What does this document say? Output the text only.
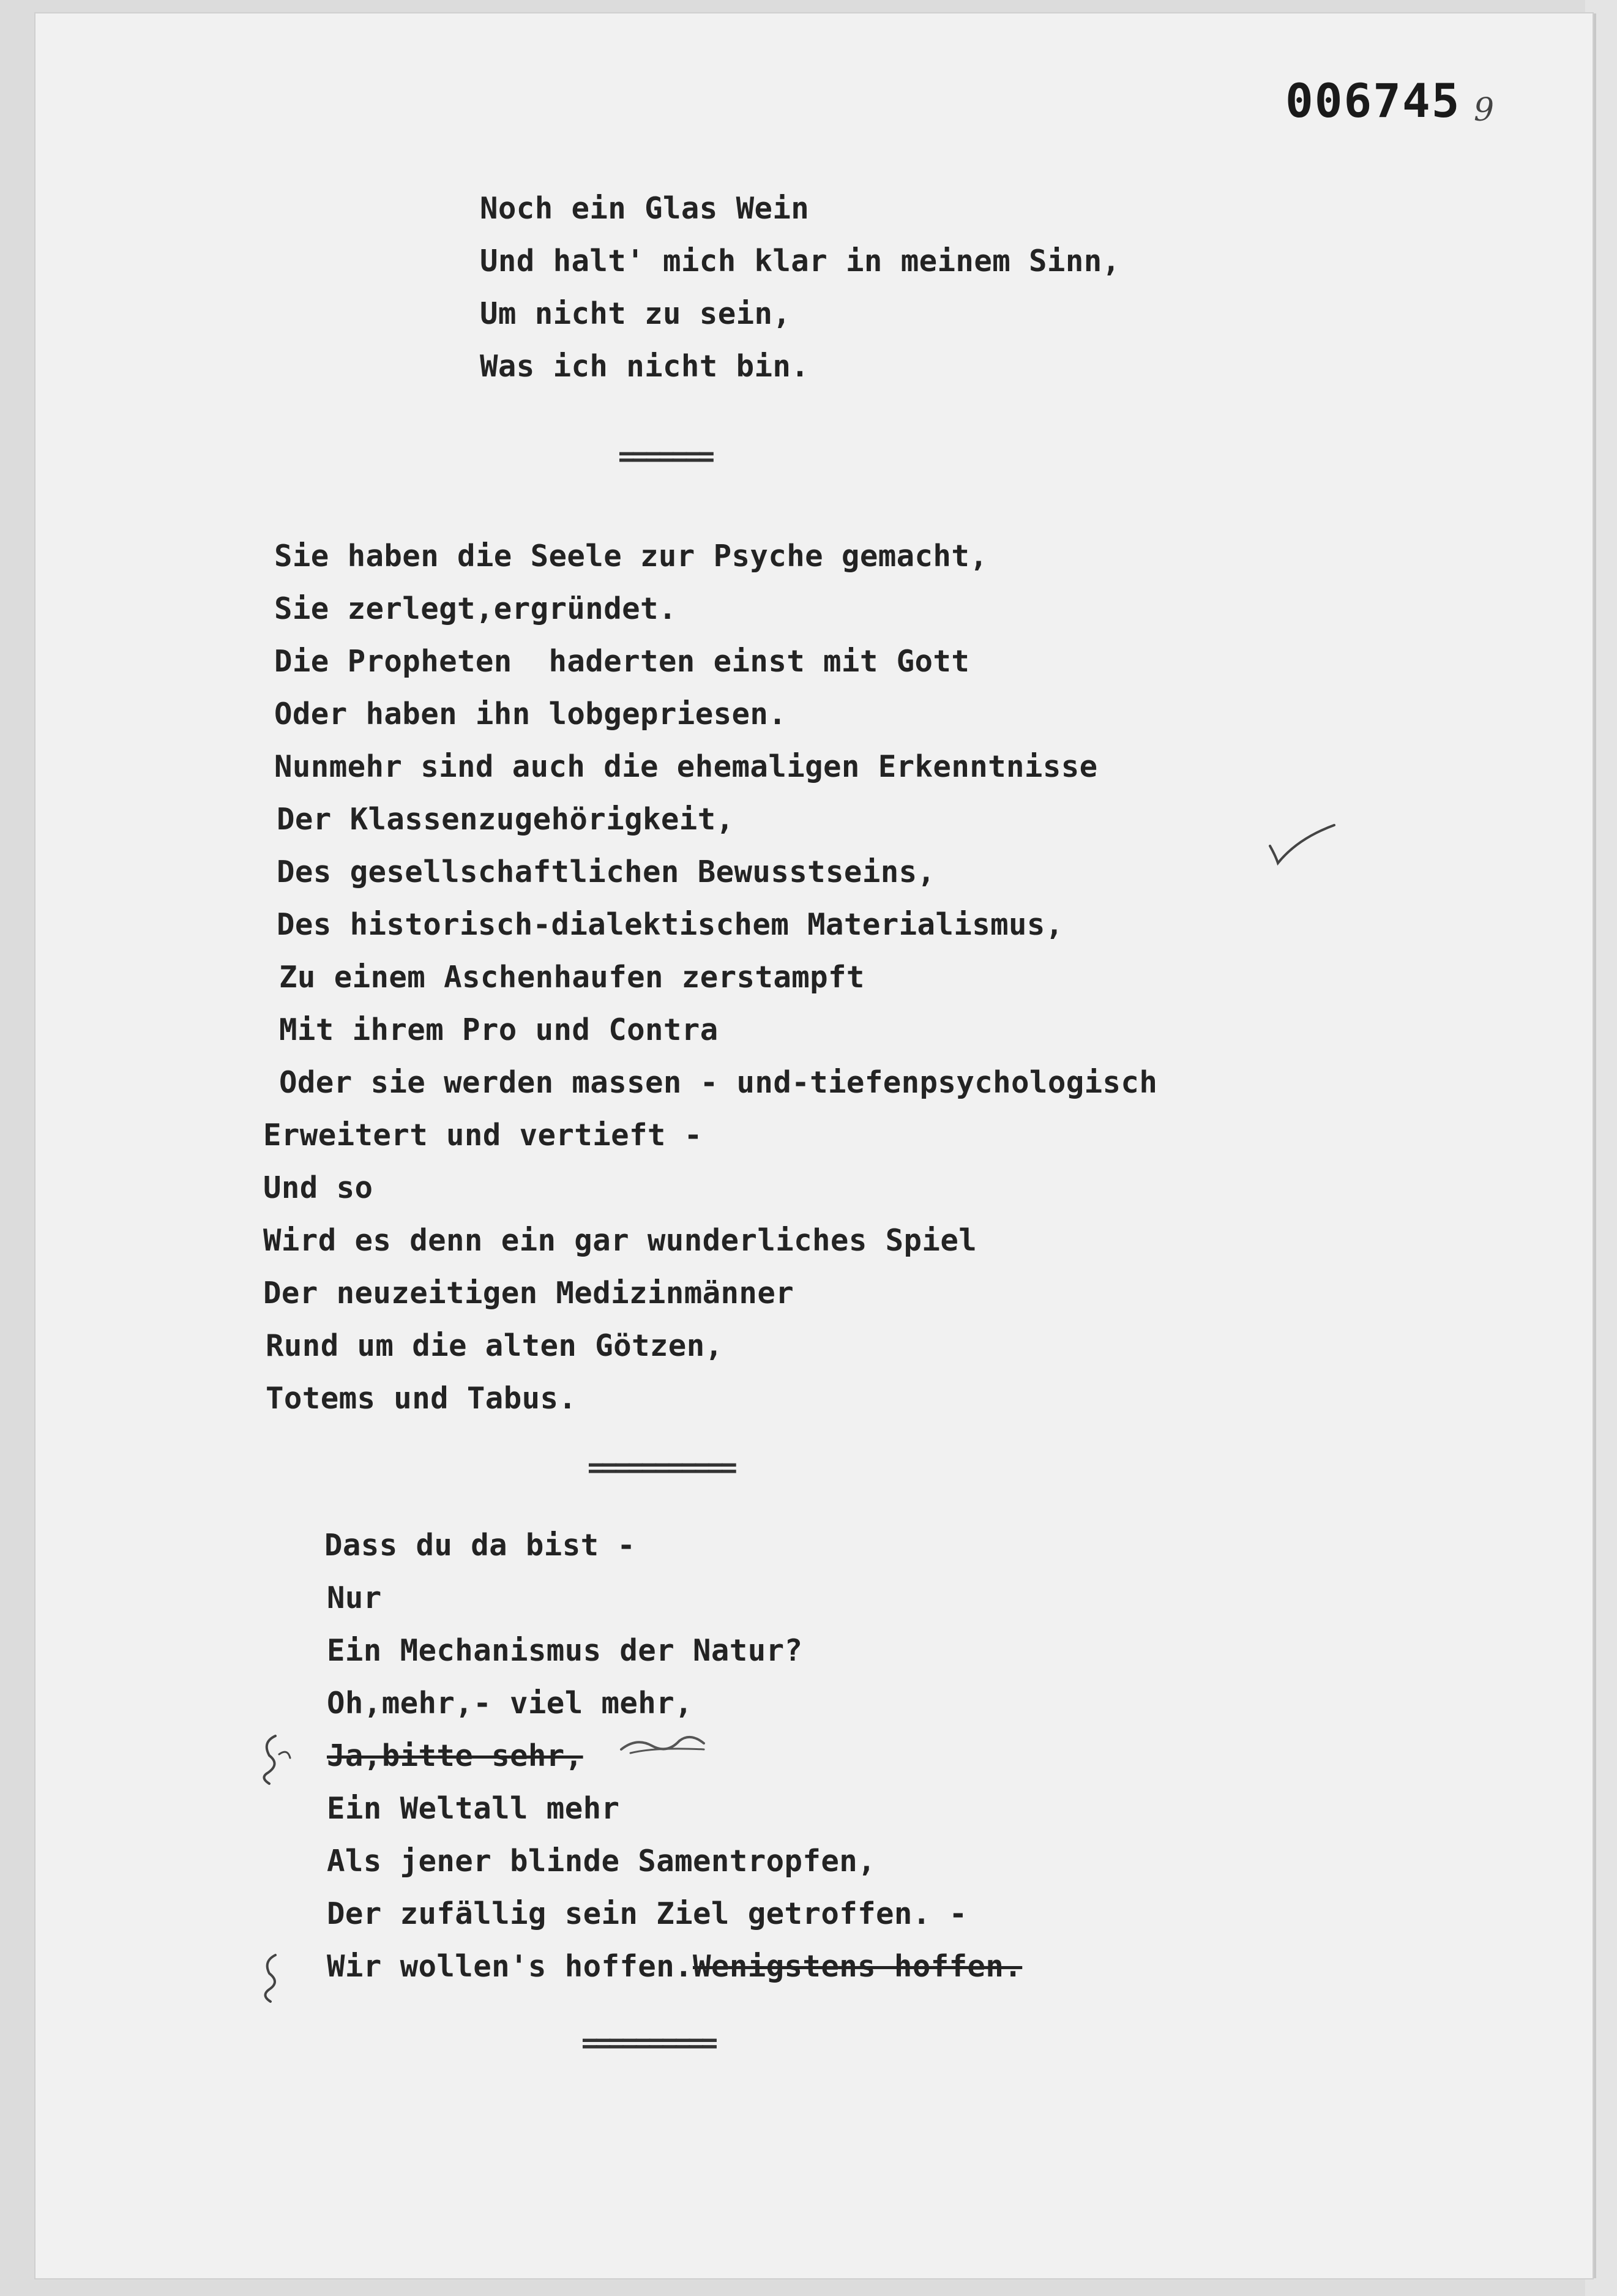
006745 9

Noch ein Glas Wein

Und halt' mich klar in meinem Sinn,

Um nicht zu sein,

Was ich nicht bin.

=======

Sie haben die Seele zur Psyche gemacht,

Sie zerlegt,ergründet.

Die Propheten  haderten einst mit Gott

Oder haben ihn lobgepriesen.

Nunmehr sind auch die ehemaligen Erkenntnisse

Der Klassenzugehörigkeit,

Des gesellschaftlichen Bewusstseins,

Des historisch-dialektischem Materialismus,

Zu einem Aschenhaufen zerstampft

Mit ihrem Pro und Contra

Oder sie werden massen - und-tiefenpsychologisch

Erweitert und vertieft -

Und so

Wird es denn ein gar wunderliches Spiel

Der neuzeitigen Medizinmänner

Rund um die alten Götzen,

Totems und Tabus.

===========

Dass du da bist -

Nur

Ein Mechanismus der Natur?

Oh,mehr,- viel mehr,

Ja,bitte sehr,

Ein Weltall mehr

Als jener blinde Samentropfen,

Der zufällig sein Ziel getroffen. -

Wir wollen's hoffen.Wenigstens hoffen.

==========
